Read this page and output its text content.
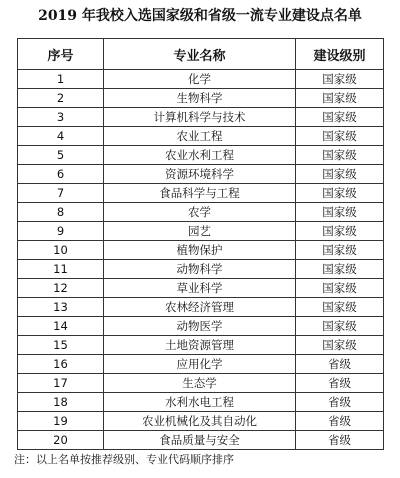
2019 年我校入选国家级和省级一流专业建设点名单
序号	专业名称	建设级别
1	化学	国家级
2	生物科学	国家级
3	计算机科学与技术	国家级
4	农业工程	国家级
5	农业水利工程	国家级
6	资源环境科学	国家级
7	食品科学与工程	国家级
8	农学	国家级
9	园艺	国家级
10	植物保护	国家级
11	动物科学	国家级
12	草业科学	国家级
13	农林经济管理	国家级
14	动物医学	国家级
15	土地资源管理	国家级
16	应用化学	省级
17	生态学	省级
18	水利水电工程	省级
19	农业机械化及其自动化	省级
20	食品质量与安全	省级
注：以上名单按推荐级别、专业代码顺序排序
